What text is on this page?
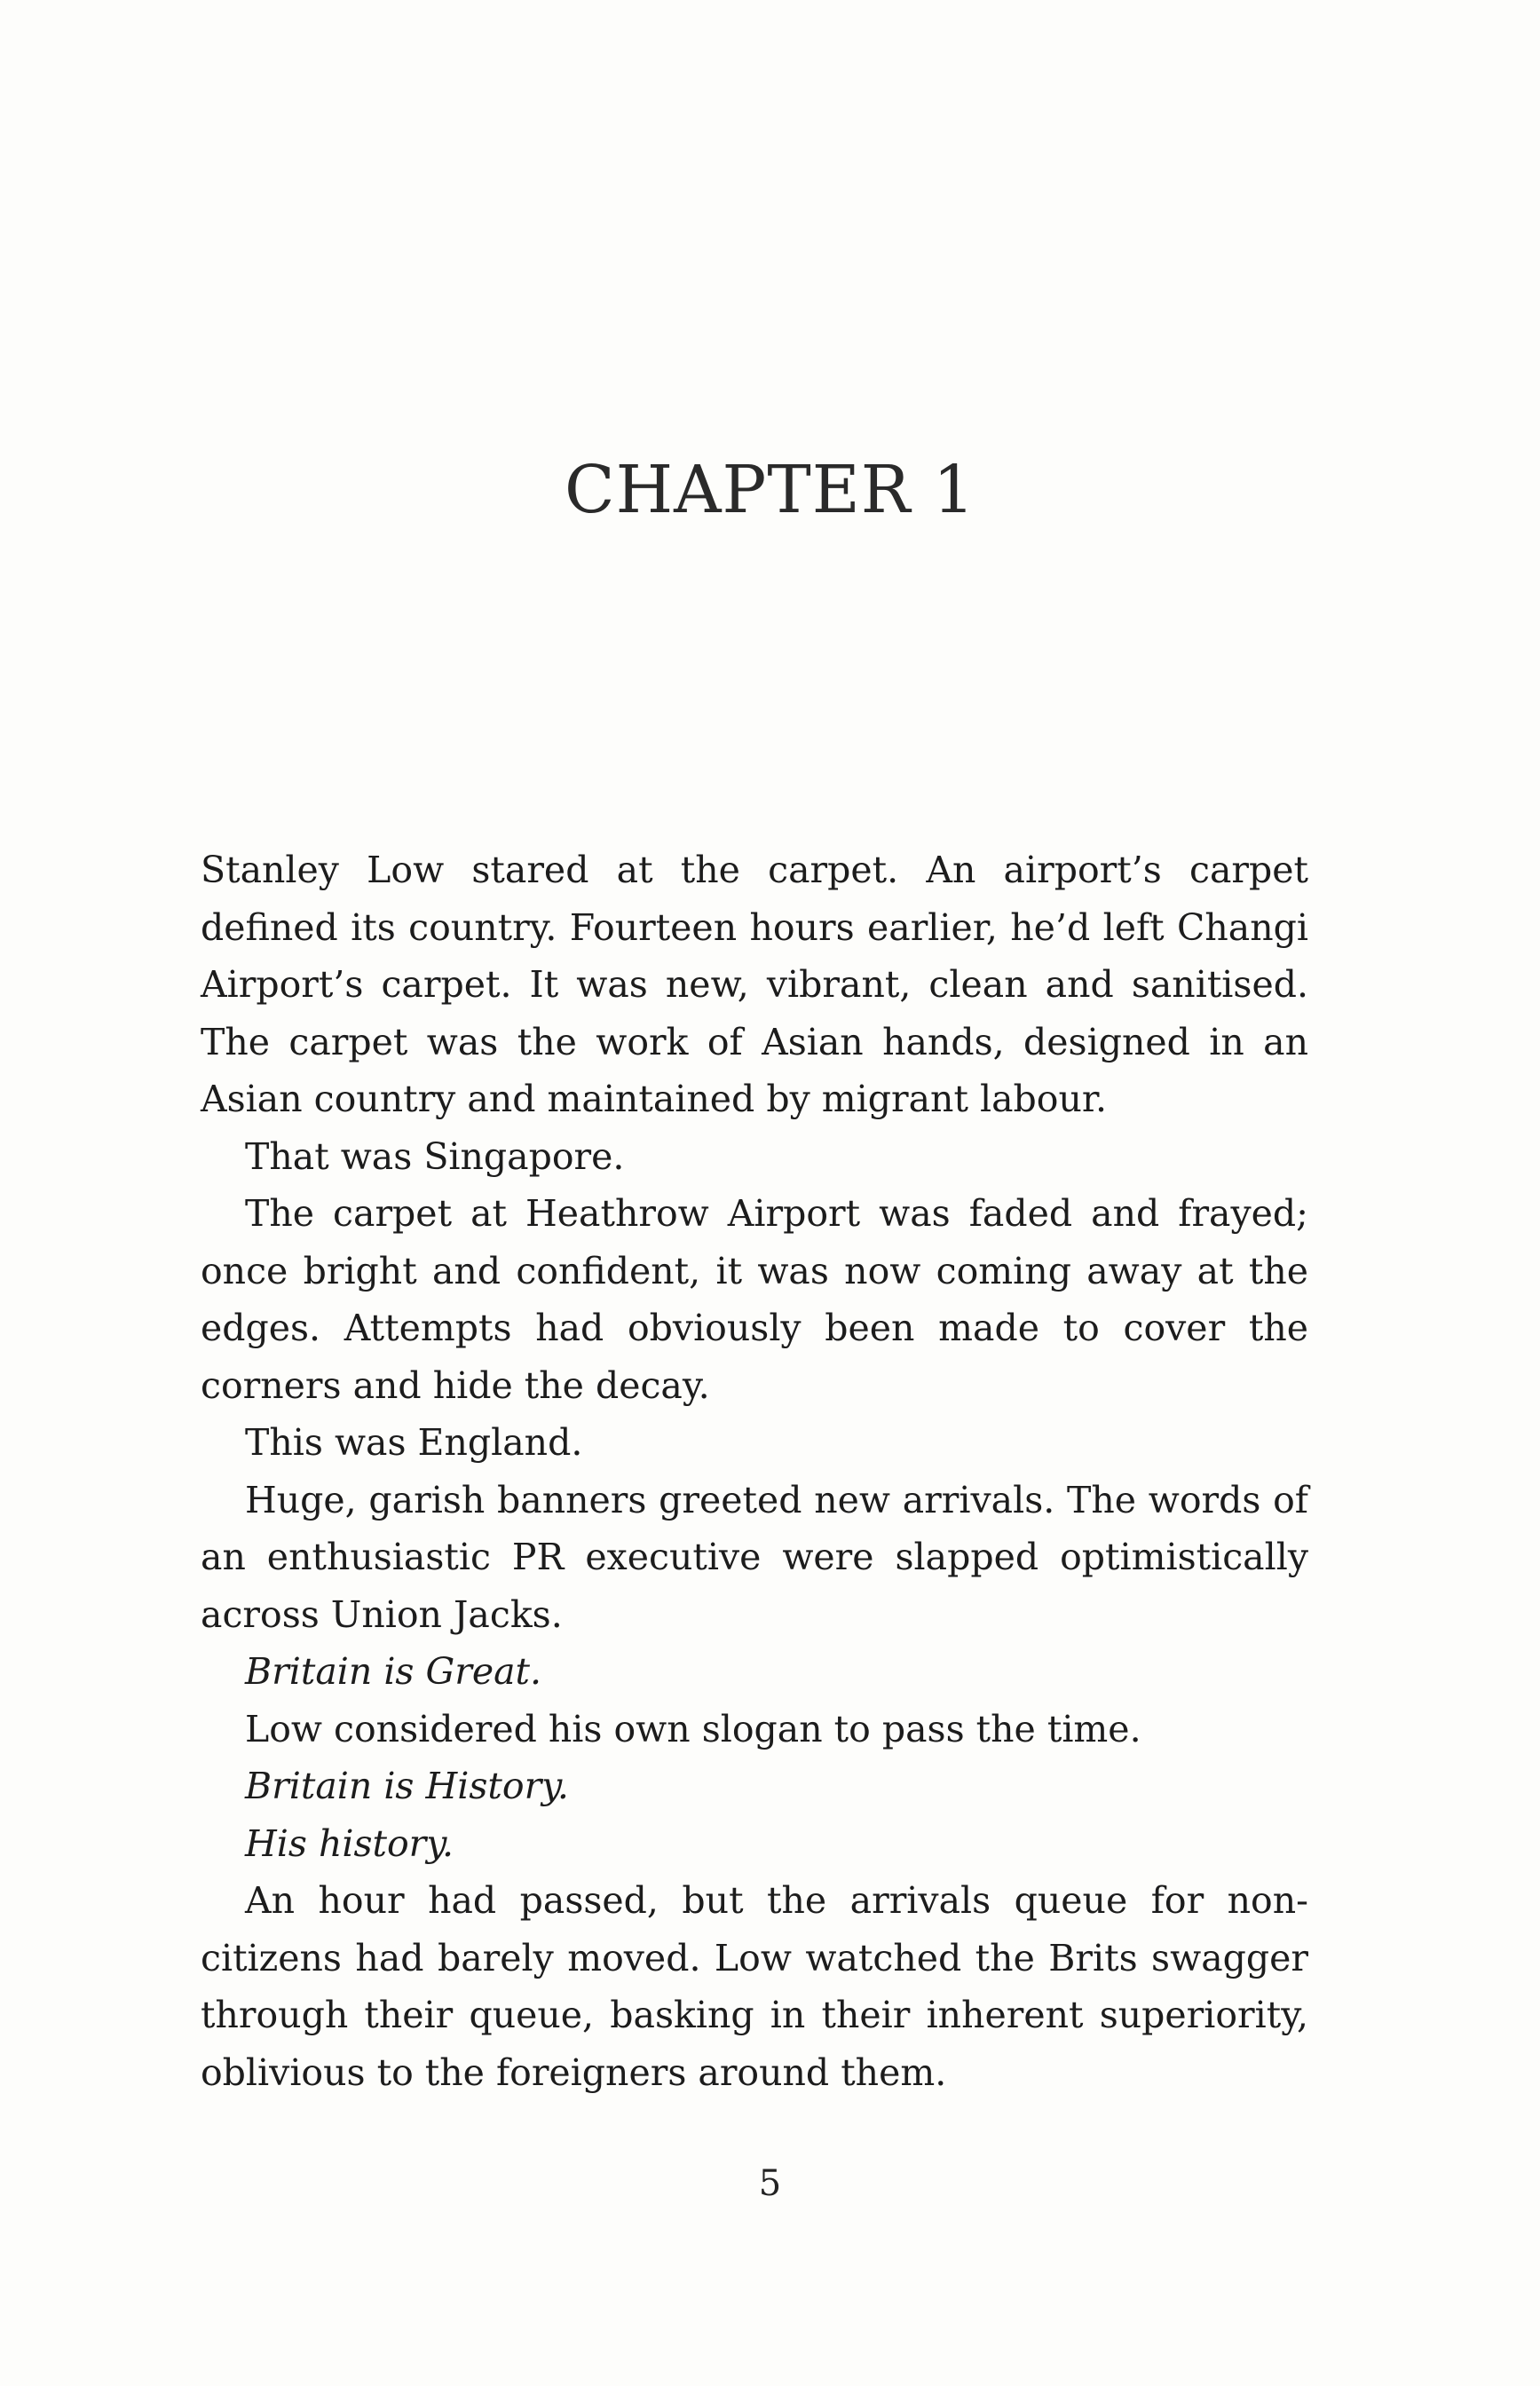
CHAPTER 1

Stanley Low stared at the carpet. An airport’s carpet defined its country. Fourteen hours earlier, he’d left Changi Airport’s carpet. It was new, vibrant, clean and sanitised. The carpet was the work of Asian hands, designed in an Asian country and maintained by migrant labour.

That was Singapore.

The carpet at Heathrow Airport was faded and frayed; once bright and confident, it was now coming away at the edges. Attempts had obviously been made to cover the corners and hide the decay.

This was England.

Huge, garish banners greeted new arrivals. The words of an enthusiastic PR executive were slapped optimistically across Union Jacks.

Britain is Great.

Low considered his own slogan to pass the time.

Britain is History.

His history.

An hour had passed, but the arrivals queue for non-citizens had barely moved. Low watched the Brits swagger through their queue, basking in their inherent superiority, oblivious to the foreigners around them.

5
